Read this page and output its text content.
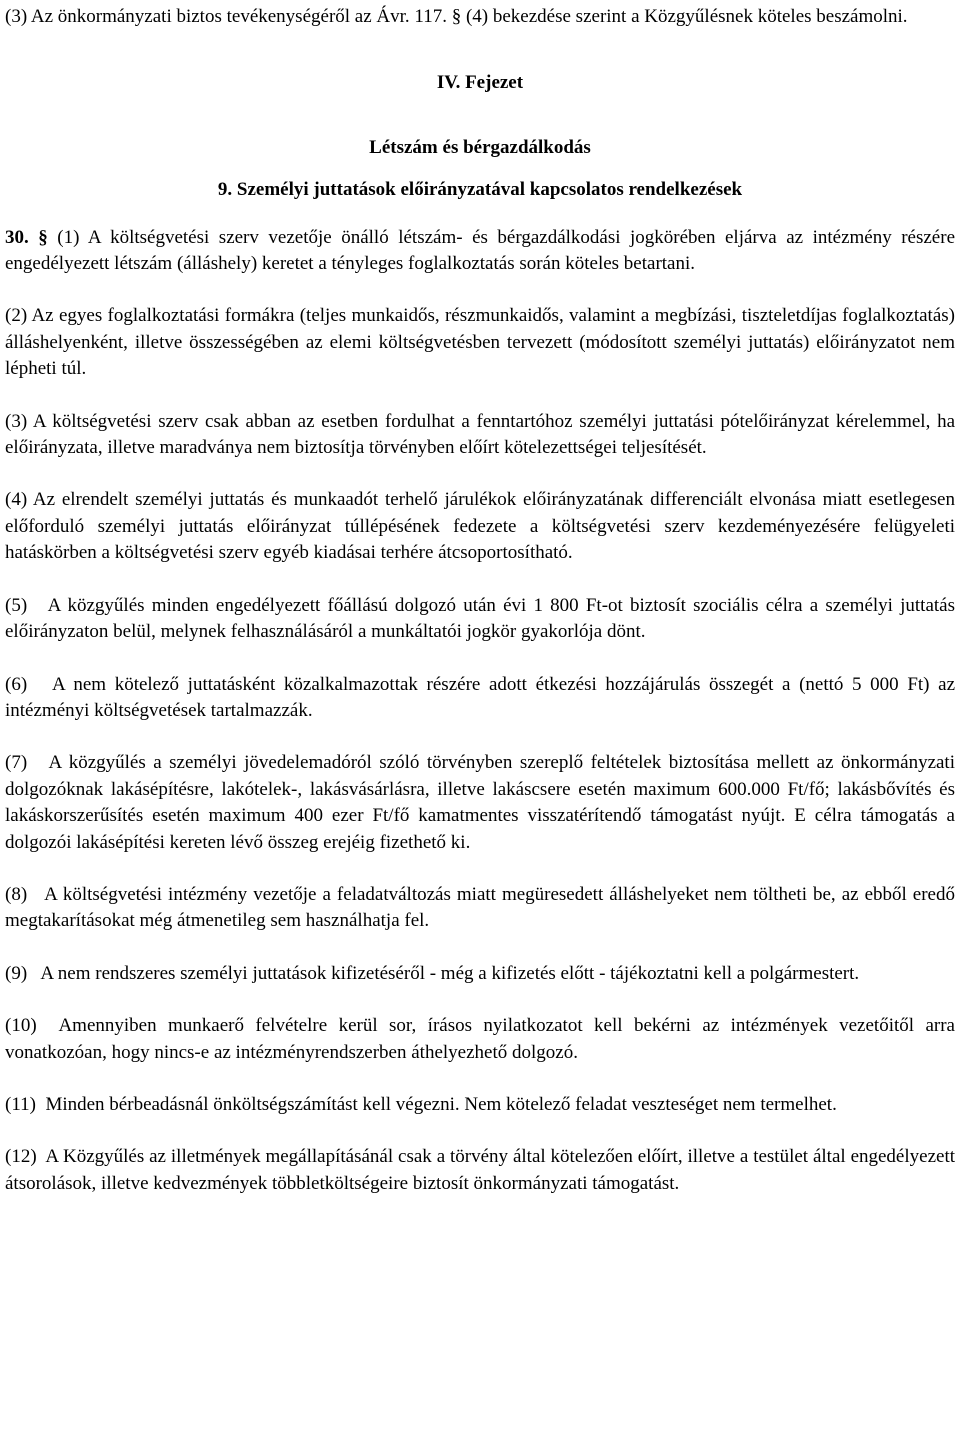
(3) Az önkormányzati biztos tevékenységéről az Ávr. 117. § (4) bekezdése szerint a Közgyűlésnek köteles beszámolni.

IV. Fejezet

Létszám és bérgazdálkodás

9. Személyi juttatások előirányzatával kapcsolatos rendelkezések

30. § (1) A költségvetési szerv vezetője önálló létszám- és bérgazdálkodási jogkörében eljárva az intézmény részére engedélyezett létszám (álláshely) keretet a tényleges foglalkoztatás során köteles betartani.

(2) Az egyes foglalkoztatási formákra (teljes munkaidős, részmunkaidős, valamint a megbízási, tiszteletdíjas foglalkoztatás) álláshelyenként, illetve összességében az elemi költségvetésben tervezett (módosított személyi juttatás) előirányzatot nem lépheti túl.

(3) A költségvetési szerv csak abban az esetben fordulhat a fenntartóhoz személyi juttatási pótelőirányzat kérelemmel, ha előirányzata, illetve maradványa nem biztosítja törvényben előírt kötelezettségei teljesítését.

(4) Az elrendelt személyi juttatás és munkaadót terhelő járulékok előirányzatának differenciált elvonása miatt esetlegesen előforduló személyi juttatás előirányzat túllépésének fedezete a költségvetési szerv kezdeményezésére felügyeleti hatáskörben a költségvetési szerv egyéb kiadásai terhére átcsoportosítható.

(5)   A közgyűlés minden engedélyezett főállású dolgozó után évi 1 800 Ft-ot biztosít szociális célra a személyi juttatás előirányzaton belül, melynek felhasználásáról a munkáltatói jogkör gyakorlója dönt.

(6)   A nem kötelező juttatásként közalkalmazottak részére adott étkezési hozzájárulás összegét a (nettó 5 000 Ft) az intézményi költségvetések tartalmazzák.

(7)   A közgyűlés a személyi jövedelemadóról szóló törvényben szereplő feltételek biztosítása mellett az önkormányzati dolgozóknak lakásépítésre, lakótelek-, lakásvásárlásra, illetve lakáscsere esetén maximum 600.000 Ft/fő; lakásbővítés és lakáskorszerűsítés esetén maximum 400 ezer Ft/fő kamatmentes visszatérítendő támogatást nyújt. E célra támogatás a dolgozói lakásépítési kereten lévő összeg erejéig fizethető ki.

(8)   A költségvetési intézmény vezetője a feladatváltozás miatt megüresedett álláshelyeket nem töltheti be, az ebből eredő megtakarításokat még átmenetileg sem használhatja fel.

(9)   A nem rendszeres személyi juttatások kifizetéséről - még a kifizetés előtt - tájékoztatni kell a polgármestert.

(10)  Amennyiben munkaerő felvételre kerül sor, írásos nyilatkozatot kell bekérni az intézmények vezetőitől arra vonatkozóan, hogy nincs-e az intézményrendszerben áthelyezhető dolgozó.

(11)  Minden bérbeadásnál önköltségszámítást kell végezni. Nem kötelező feladat veszteséget nem termelhet.

(12)  A Közgyűlés az illetmények megállapításánál csak a törvény által kötelezően előírt, illetve a testület által engedélyezett átsorolások, illetve kedvezmények többletköltségeire biztosít önkormányzati támogatást.
